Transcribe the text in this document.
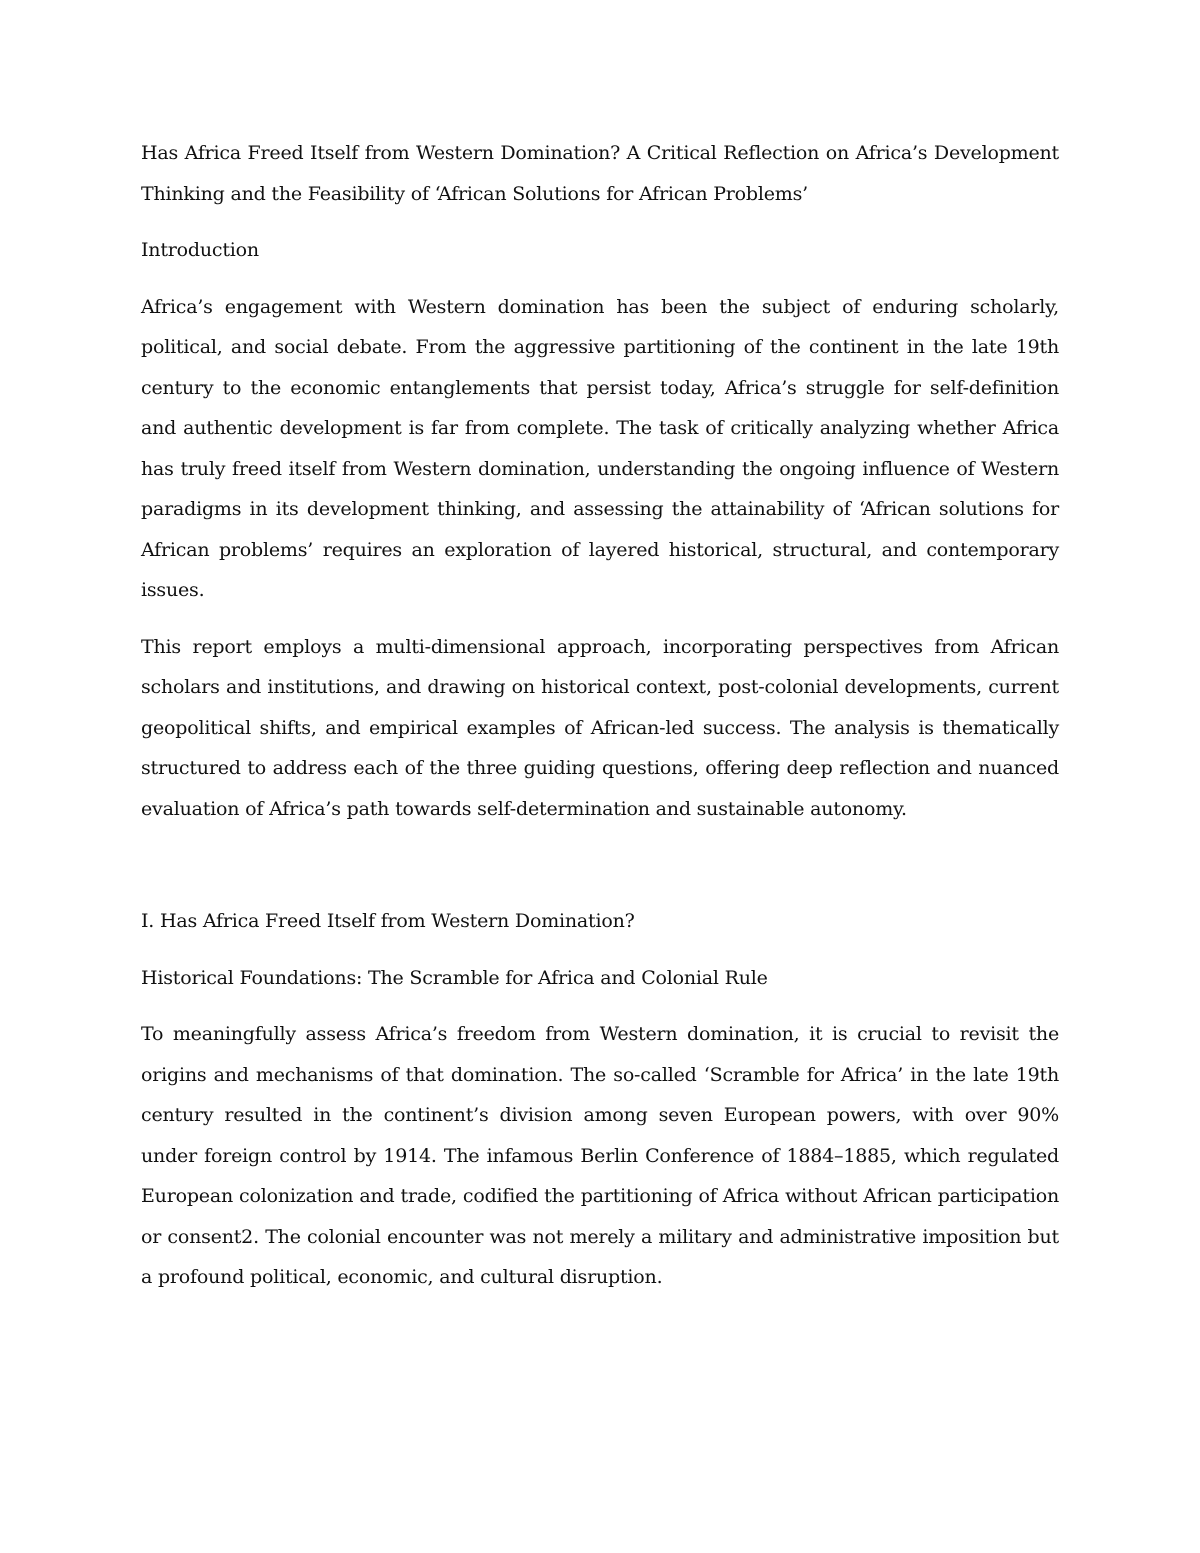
Has Africa Freed Itself from Western Domination? A Critical Reflection on Africa’s Development Thinking and the Feasibility of ‘African Solutions for African Problems’

Introduction

Africa’s engagement with Western domination has been the subject of enduring scholarly, political, and social debate. From the aggressive partitioning of the continent in the late 19th century to the economic entanglements that persist today, Africa’s struggle for self-definition and authentic development is far from complete. The task of critically analyzing whether Africa has truly freed itself from Western domination, understanding the ongoing influence of Western paradigms in its development thinking, and assessing the attainability of ‘African solutions for African problems’ requires an exploration of layered historical, structural, and contemporary issues.

This report employs a multi-dimensional approach, incorporating perspectives from African scholars and institutions, and drawing on historical context, post-colonial developments, current geopolitical shifts, and empirical examples of African-led success. The analysis is thematically structured to address each of the three guiding questions, offering deep reflection and nuanced evaluation of Africa’s path towards self-determination and sustainable autonomy.

I. Has Africa Freed Itself from Western Domination?

Historical Foundations: The Scramble for Africa and Colonial Rule

To meaningfully assess Africa’s freedom from Western domination, it is crucial to revisit the origins and mechanisms of that domination. The so-called ‘Scramble for Africa’ in the late 19th century resulted in the continent’s division among seven European powers, with over 90% under foreign control by 1914. The infamous Berlin Conference of 1884–1885, which regulated European colonization and trade, codified the partitioning of Africa without African participation or consent2. The colonial encounter was not merely a military and administrative imposition but a profound political, economic, and cultural disruption.
